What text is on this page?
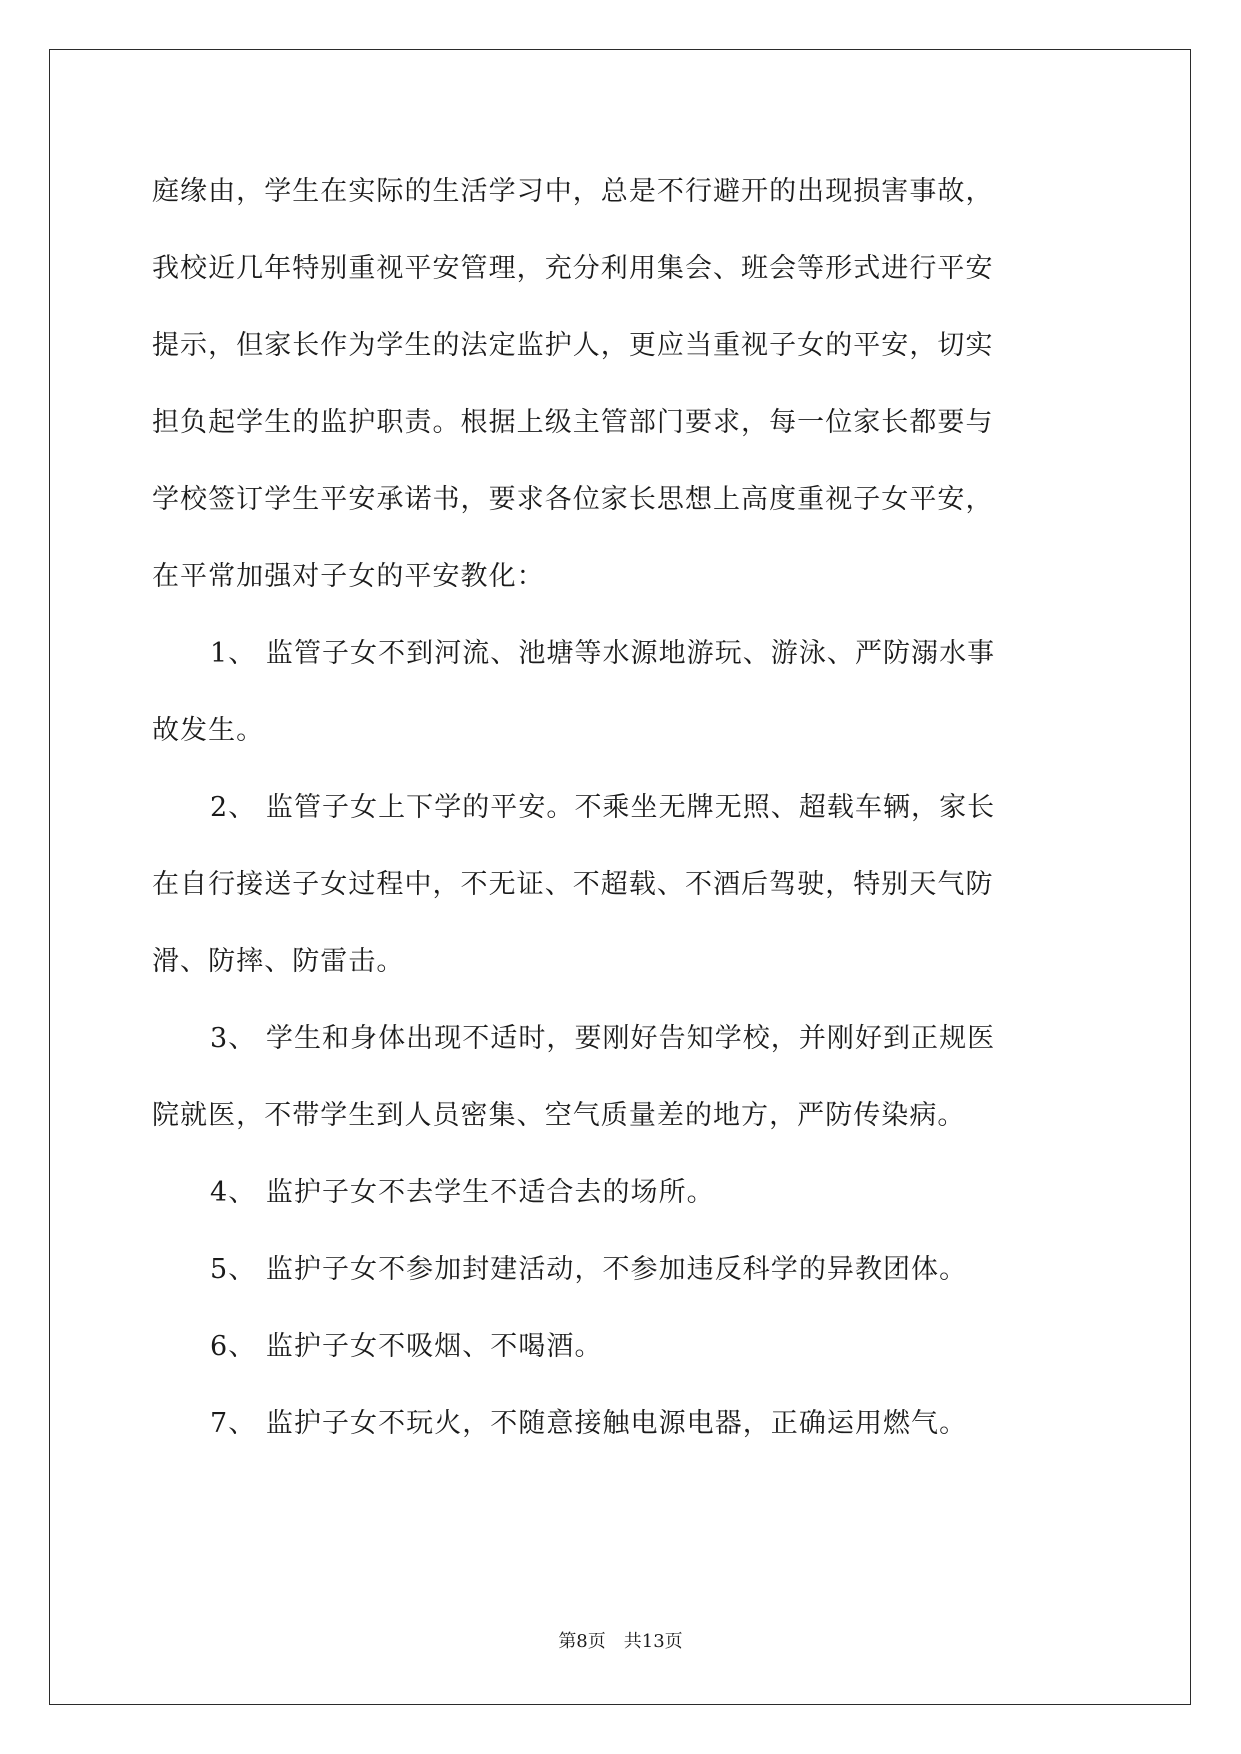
庭缘由，学生在实际的生活学习中，总是不行避开的出现损害事故，
我校近几年特别重视平安管理，充分利用集会、班会等形式进行平安
提示，但家长作为学生的法定监护人，更应当重视子女的平安，切实
担负起学生的监护职责。根据上级主管部门要求，每一位家长都要与
学校签订学生平安承诺书，要求各位家长思想上高度重视子女平安，
在平常加强对子女的平安教化：
1、 监管子女不到河流、池塘等水源地游玩、游泳、严防溺水事
故发生。
2、 监管子女上下学的平安。不乘坐无牌无照、超载车辆，家长
在自行接送子女过程中，不无证、不超载、不酒后驾驶，特别天气防
滑、防摔、防雷击。
3、 学生和身体出现不适时，要刚好告知学校，并刚好到正规医
院就医，不带学生到人员密集、空气质量差的地方，严防传染病。
4、 监护子女不去学生不适合去的场所。
5、 监护子女不参加封建活动，不参加违反科学的异教团体。
6、 监护子女不吸烟、不喝酒。
7、 监护子女不玩火，不随意接触电源电器，正确运用燃气。
第8页 共13页
